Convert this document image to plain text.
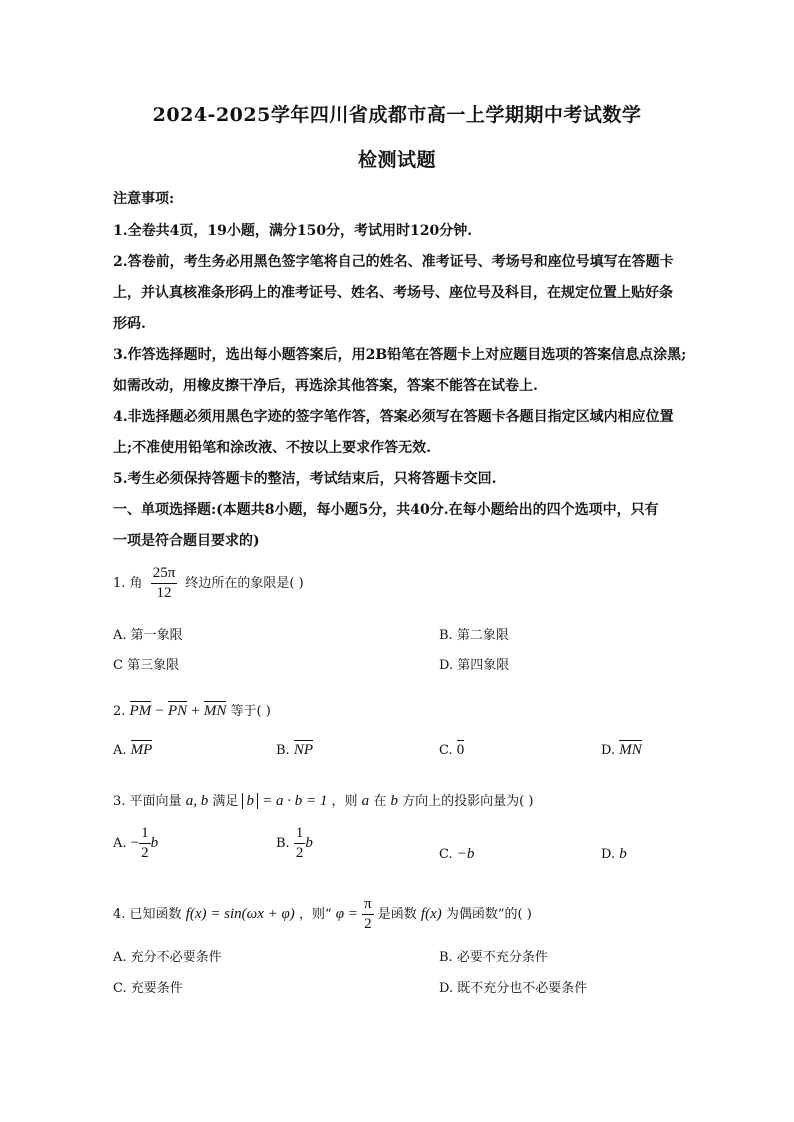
2024-2025学年四川省成都市高一上学期期中考试数学
检测试题
注意事项:
1.全卷共4页，19小题，满分150分，考试用时120分钟.
2.答卷前，考生务必用黑色签字笔将自己的姓名、准考证号、考场号和座位号填写在答题卡
上，并认真核准条形码上的准考证号、姓名、考场号、座位号及科目，在规定位置上贴好条
形码.
3.作答选择题时，选出每小题答案后，用2B铅笔在答题卡上对应题目选项的答案信息点涂黑;
如需改动，用橡皮擦干净后，再选涂其他答案，答案不能答在试卷上.
4.非选择题必须用黑色字迹的签字笔作答，答案必须写在答题卡各题目指定区域内相应位置
上;不准使用铅笔和涂改液、不按以上要求作答无效.
5.考生必须保持答题卡的整洁，考试结束后，只将答题卡交回.
一、单项选择题:(本题共8小题，每小题5分，共40分.在每小题给出的四个选项中，只有
一项是符合题目要求的)
1. 角 $\frac{25\pi}{12}$ 终边所在的象限是( )
A. 第一象限	B. 第二象限
C 第三象限	D. 第四象限
2. PM − PN + MN 等于( )
A. MP	B. NP	C. 0	D. MN
3. 平面向量 a, b 满足 b = a · b = 1 ，则 a 在 b 方向上的投影向量为( )
A. − $\frac{1}{2}$ b	B. $\frac{1}{2}$ b
C. −b	D. b
4. 已知函数 f(x) = sin(ωx + φ) ，则“ $\varphi = \frac{\pi}{2}$ 是函数 f(x) 为偶函数”的( )
A. 充分不必要条件	B. 必要不充分条件
C. 充要条件	D. 既不充分也不必要条件
